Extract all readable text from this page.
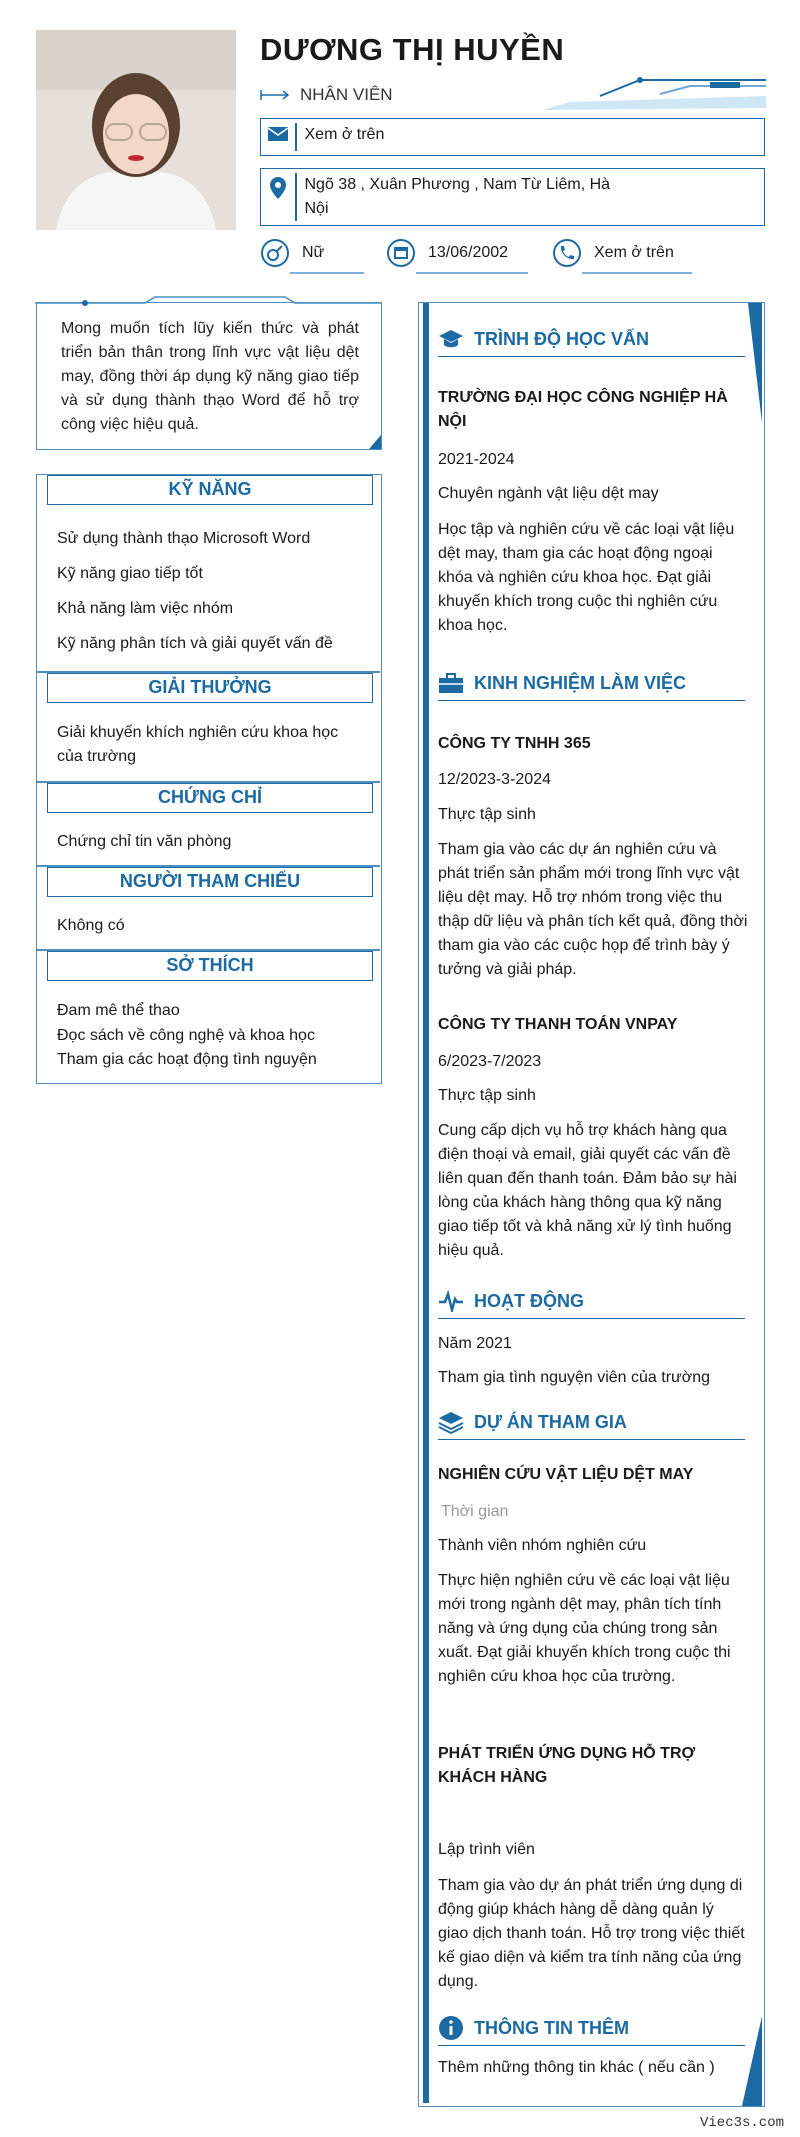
DƯƠNG THỊ HUYỀN
NHÂN VIÊN
Xem ở trên
Ngõ 38 , Xuân Phương , Nam Từ Liêm, Hà Nội
Nữ	13/06/2002	Xem ở trên

Mong muốn tích lũy kiến thức và phát triển bản thân trong lĩnh vực vật liệu dệt may, đồng thời áp dụng kỹ năng giao tiếp và sử dụng thành thạo Word để hỗ trợ công việc hiệu quả.

KỸ NĂNG
Sử dụng thành thạo Microsoft Word
Kỹ năng giao tiếp tốt
Khả năng làm việc nhóm
Kỹ năng phân tích và giải quyết vấn đề
GIẢI THƯỞNG
Giải khuyến khích nghiên cứu khoa học của trường
CHỨNG CHỈ
Chứng chỉ tin văn phòng
NGƯỜI THAM CHIẾU
Không có
SỞ THÍCH
Đam mê thể thao
Đọc sách về công nghệ và khoa học
Tham gia các hoạt động tình nguyện
TRÌNH ĐỘ HỌC VẤN
TRƯỜNG ĐẠI HỌC CÔNG NGHIỆP HÀ NỘI
2021-2024
Chuyên ngành vật liệu dệt may
Học tập và nghiên cứu về các loại vật liệu dệt may, tham gia các hoạt động ngoại khóa và nghiên cứu khoa học. Đạt giải khuyến khích trong cuộc thi nghiên cứu khoa học.
KINH NGHIỆM LÀM VIỆC
CÔNG TY TNHH 365
12/2023-3-2024
Thực tập sinh
Tham gia vào các dự án nghiên cứu và phát triển sản phẩm mới trong lĩnh vực vật liệu dệt may. Hỗ trợ nhóm trong việc thu thập dữ liệu và phân tích kết quả, đồng thời tham gia vào các cuộc họp để trình bày ý tưởng và giải pháp.
CÔNG TY THANH TOÁN VNPAY
6/2023-7/2023
Thực tập sinh
Cung cấp dịch vụ hỗ trợ khách hàng qua điện thoại và email, giải quyết các vấn đề liên quan đến thanh toán. Đảm bảo sự hài lòng của khách hàng thông qua kỹ năng giao tiếp tốt và khả năng xử lý tình huống hiệu quả.
HOẠT ĐỘNG
Năm 2021
Tham gia tình nguyện viên của trường
DỰ ÁN THAM GIA
NGHIÊN CỨU VẬT LIỆU DỆT MAY
Thời gian
Thành viên nhóm nghiên cứu
Thực hiện nghiên cứu về các loại vật liệu mới trong ngành dệt may, phân tích tính năng và ứng dụng của chúng trong sản xuất. Đạt giải khuyến khích trong cuộc thi nghiên cứu khoa học của trường.
PHÁT TRIỂN ỨNG DỤNG HỖ TRỢ KHÁCH HÀNG
Lập trình viên
Tham gia vào dự án phát triển ứng dụng di động giúp khách hàng dễ dàng quản lý giao dịch thanh toán. Hỗ trợ trong việc thiết kế giao diện và kiểm tra tính năng của ứng dụng.
THÔNG TIN THÊM
Thêm những thông tin khác ( nếu cần )
Viec3s.com
